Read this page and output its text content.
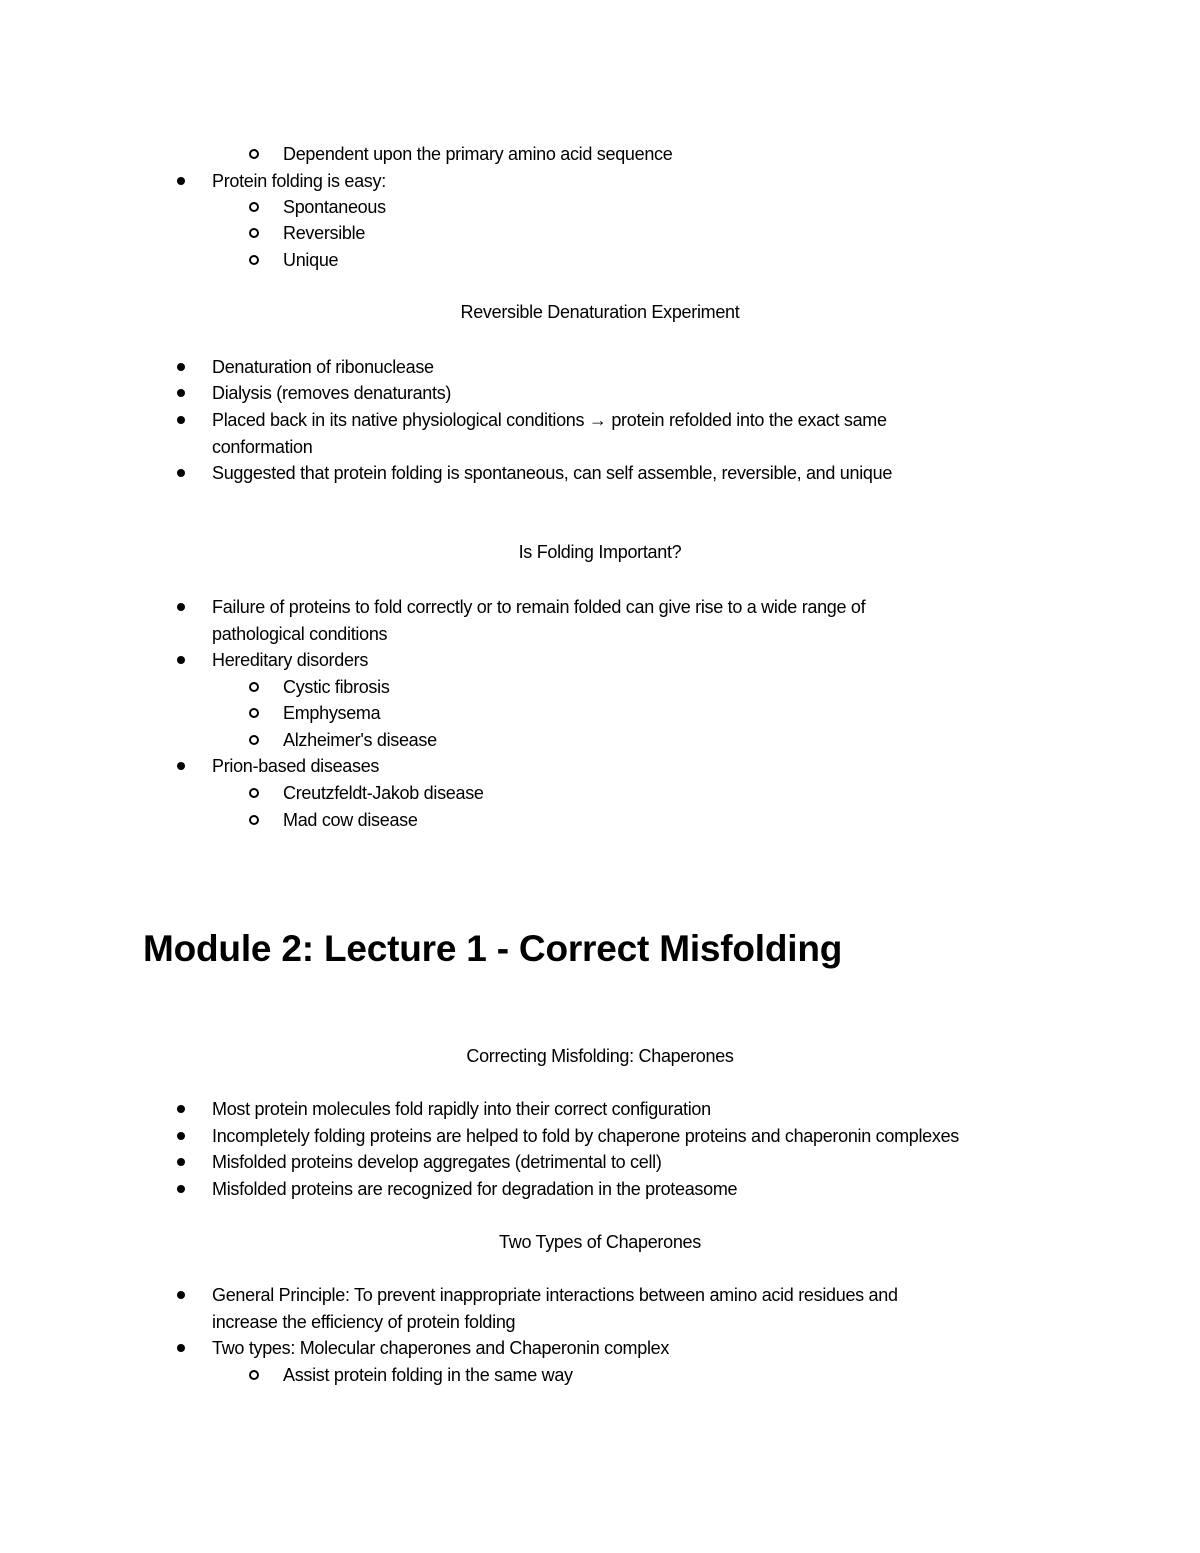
Dependent upon the primary amino acid sequence
Protein folding is easy:
Spontaneous
Reversible
Unique
Reversible Denaturation Experiment
Denaturation of ribonuclease
Dialysis (removes denaturants)
Placed back in its native physiological conditions → protein refolded into the exact same
conformation
Suggested that protein folding is spontaneous, can self assemble, reversible, and unique
Is Folding Important?
Failure of proteins to fold correctly or to remain folded can give rise to a wide range of
pathological conditions
Hereditary disorders
Cystic fibrosis
Emphysema
Alzheimer's disease
Prion-based diseases
Creutzfeldt-Jakob disease
Mad cow disease
Module 2: Lecture 1 - Correct Misfolding
Correcting Misfolding: Chaperones
Most protein molecules fold rapidly into their correct configuration
Incompletely folding proteins are helped to fold by chaperone proteins and chaperonin complexes
Misfolded proteins develop aggregates (detrimental to cell)
Misfolded proteins are recognized for degradation in the proteasome
Two Types of Chaperones
General Principle: To prevent inappropriate interactions between amino acid residues and
increase the efficiency of protein folding
Two types: Molecular chaperones and Chaperonin complex
Assist protein folding in the same way
